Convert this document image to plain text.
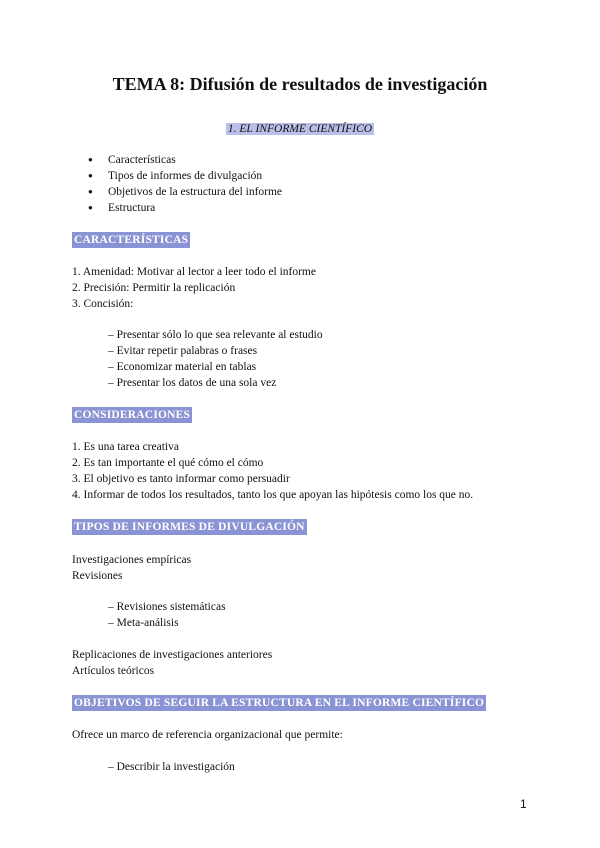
TEMA 8: Difusión de resultados de investigación
1. EL INFORME CIENTÍFICO
● Características
● Tipos de informes de divulgación
● Objetivos de la estructura del informe
● Estructura
CARACTERÍSTICAS
1. Amenidad: Motivar al lector a leer todo el informe
2. Precisión: Permitir la replicación
3. Concisión:
– Presentar sólo lo que sea relevante al estudio
– Evitar repetir palabras o frases
– Economizar material en tablas
– Presentar los datos de una sola vez
CONSIDERACIONES
1. Es una tarea creativa
2. Es tan importante el qué cómo el cómo
3. El objetivo es tanto informar como persuadir
4. Informar de todos los resultados, tanto los que apoyan las hipótesis como los que no.
TIPOS DE INFORMES DE DIVULGACIÓN
Investigaciones empíricas
Revisiones
– Revisiones sistemáticas
– Meta-análisis
Replicaciones de investigaciones anteriores
Artículos teóricos
OBJETIVOS DE SEGUIR LA ESTRUCTURA EN EL INFORME CIENTÍFICO
Ofrece un marco de referencia organizacional que permite:
– Describir la investigación
1
